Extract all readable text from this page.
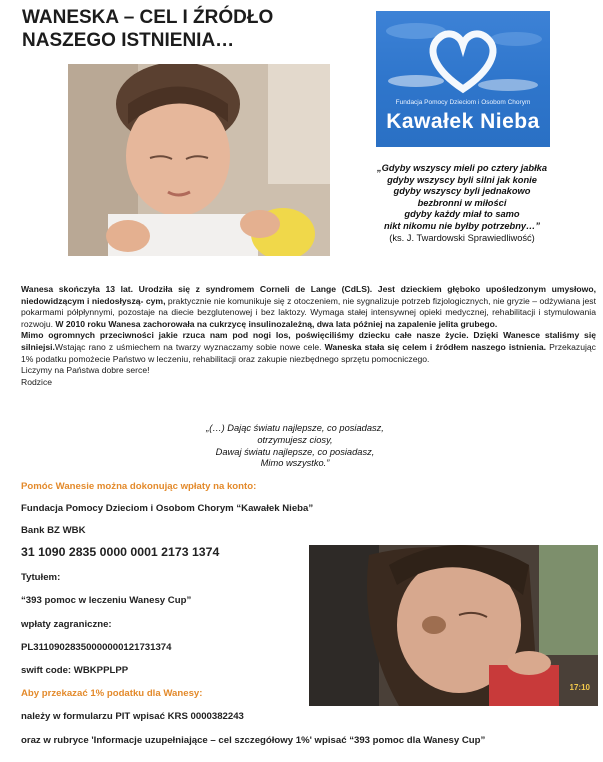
WANESKA – CEL I ŹRÓDŁO NASZEGO ISTNIENIA…
Fundacja Pomocy Dzieciom i Osobom Chorym
Kawałek Nieba
„Gdyby wszyscy mieli po cztery jabłka
gdyby wszyscy byli silni jak konie
gdyby wszyscy byli jednakowo
bezbronni w miłości
gdyby każdy miał to samo
nikt nikomu nie byłby potrzebny…”
(ks. J. Twardowski Sprawiedliwość)

Wanesa skończyła 13 lat. Urodziła się z syndromem Corneli de Lange (CdLS). Jest dzieckiem głęboko upośledzonym umysłowo, niedowidzącym i niedosłyszą- cym, praktycznie nie komunikuje się z otoczeniem, nie sygnalizuje potrzeb fizjologicznych, nie gryzie – odżywiana jest pokarmami półpłynnymi, pozostaje na diecie bezglutenowej i bez laktozy. Wymaga stałej intensywnej opieki medycznej, rehabilitacji i stymulowania rozwoju. W 2010 roku Wanesa zachorowała na cukrzycę insulinozależną, dwa lata później na zapalenie jelita grubego.

Mimo ogromnych przeciwności jakie rzuca nam pod nogi los, poświęciliśmy dziecku całe nasze życie. Dzięki Wanesce staliśmy się silniejsi.Wstając rano z uśmiechem na twarzy wyznaczamy sobie nowe cele. Waneska stała się celem i źródłem naszego istnienia. Przekazując 1% podatku pomożecie Państwo w leczeniu, rehabilitacji oraz zakupie niezbędnego sprzętu pomocniczego.

Liczymy na Państwa dobre serce!

Rodzice

„(…) Dając światu najlepsze, co posiadasz,
otrzymujesz ciosy,
Dawaj światu najlepsze, co posiadasz,
Mimo wszystko.”
Pomóc Wanesie można dokonując wpłaty na konto:
Fundacja Pomocy Dzieciom i Osobom Chorym “Kawałek Nieba”
Bank BZ WBK
31 1090 2835 0000 0001 2173 1374
Tytułem:
“393 pomoc w leczeniu Wanesy Cup”
wpłaty zagraniczne:
PL31109028350000000121731374
swift code: WBKPPLPP
Aby przekazać 1% podatku dla Wanesy:
należy w formularzu PIT wpisać KRS 0000382243
oraz w rubryce 'Informacje uzupełniające – cel szczegółowy 1%' wpisać “393 pomoc dla Wanesy Cup”
17:10
